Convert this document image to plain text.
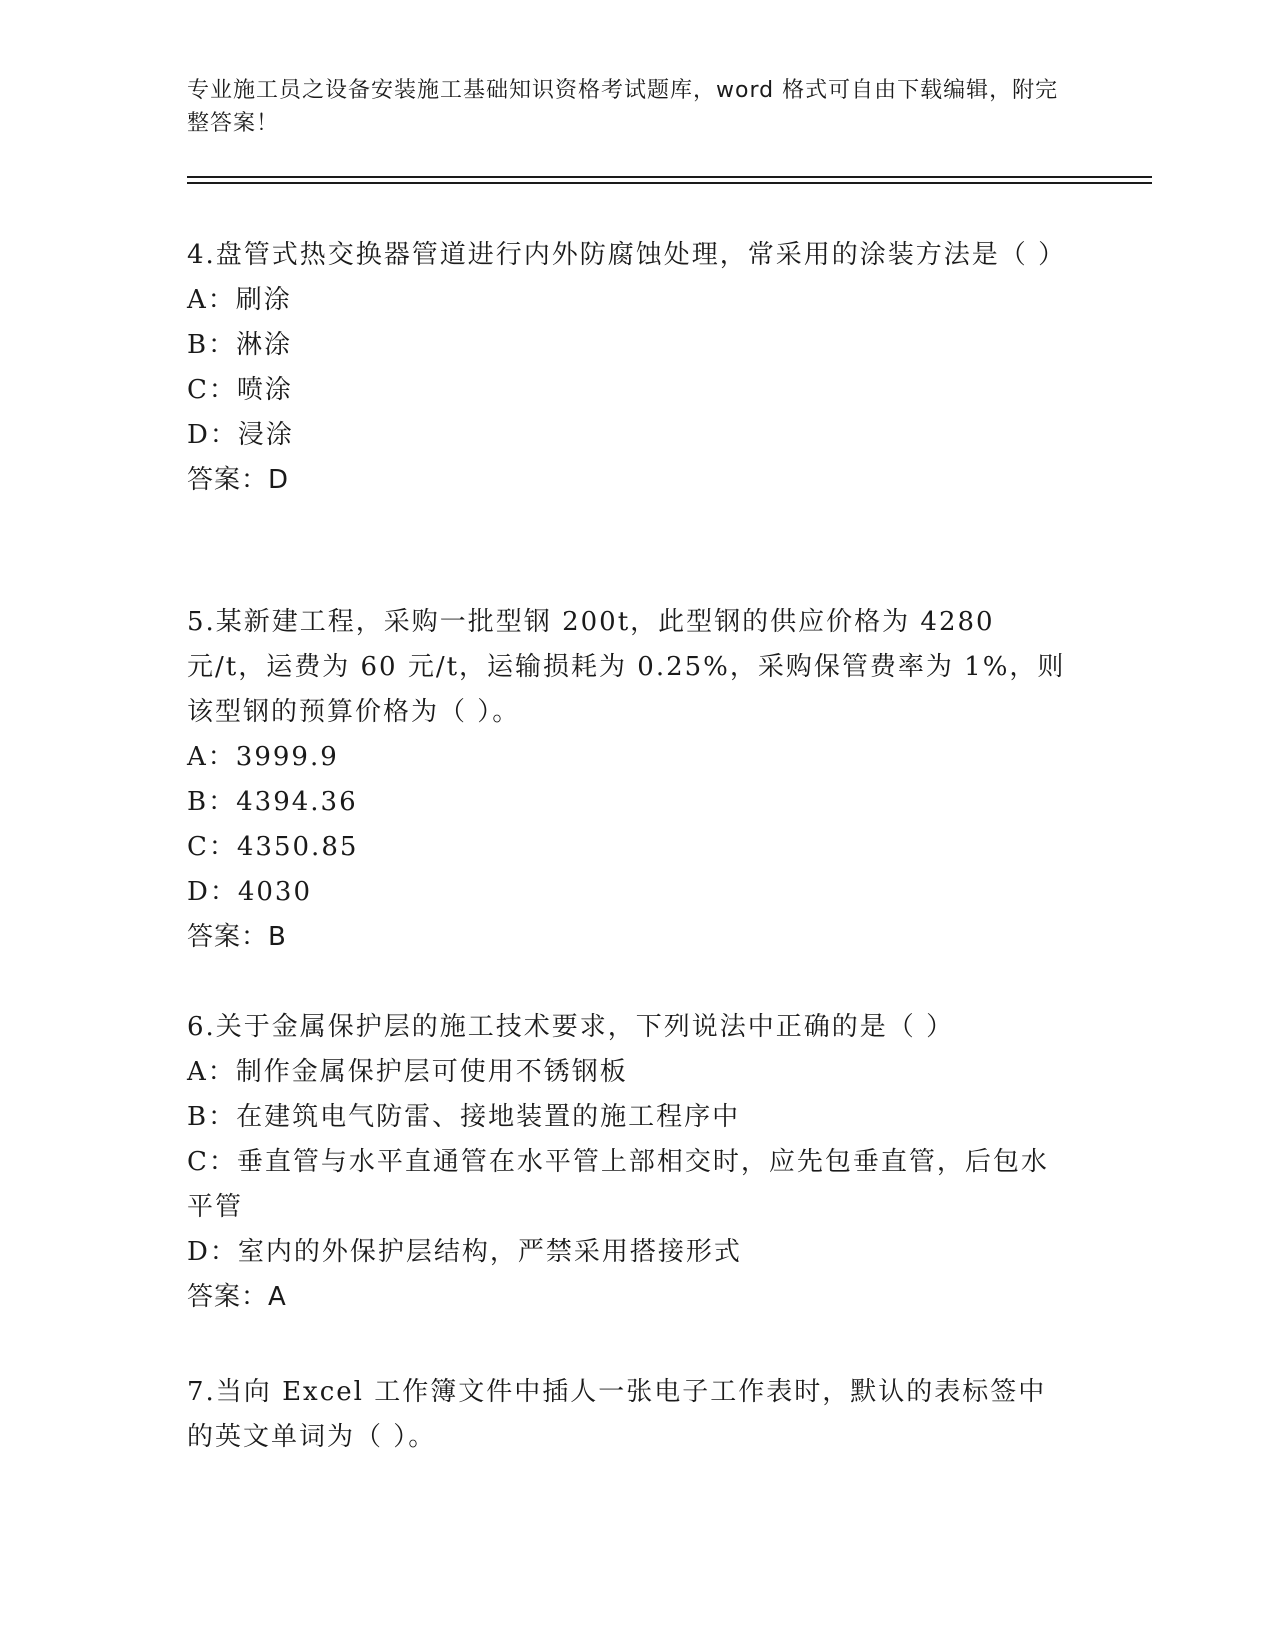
专业施工员之设备安装施工基础知识资格考试题库，word 格式可自由下载编辑，附完整答案！

4.盘管式热交换器管道进行内外防腐蚀处理，常采用的涂装方法是（ ）

A：刷涂

B：淋涂

C：喷涂

D：浸涂

答案：D

5.某新建工程，采购一批型钢 200t，此型钢的供应价格为 4280 元/t，运费为 60 元/t，运输损耗为 0.25%，采购保管费率为 1%，则该型钢的预算价格为（ ）。

A：3999.9

B：4394.36

C：4350.85

D：4030

答案：B

6.关于金属保护层的施工技术要求，下列说法中正确的是（ ）

A：制作金属保护层可使用不锈钢板

B：在建筑电气防雷、接地装置的施工程序中

C：垂直管与水平直通管在水平管上部相交时，应先包垂直管，后包水平管

D：室内的外保护层结构，严禁采用搭接形式

答案：A

7.当向 Excel 工作簿文件中插人一张电子工作表时，默认的表标签中的英文单词为（ ）。
